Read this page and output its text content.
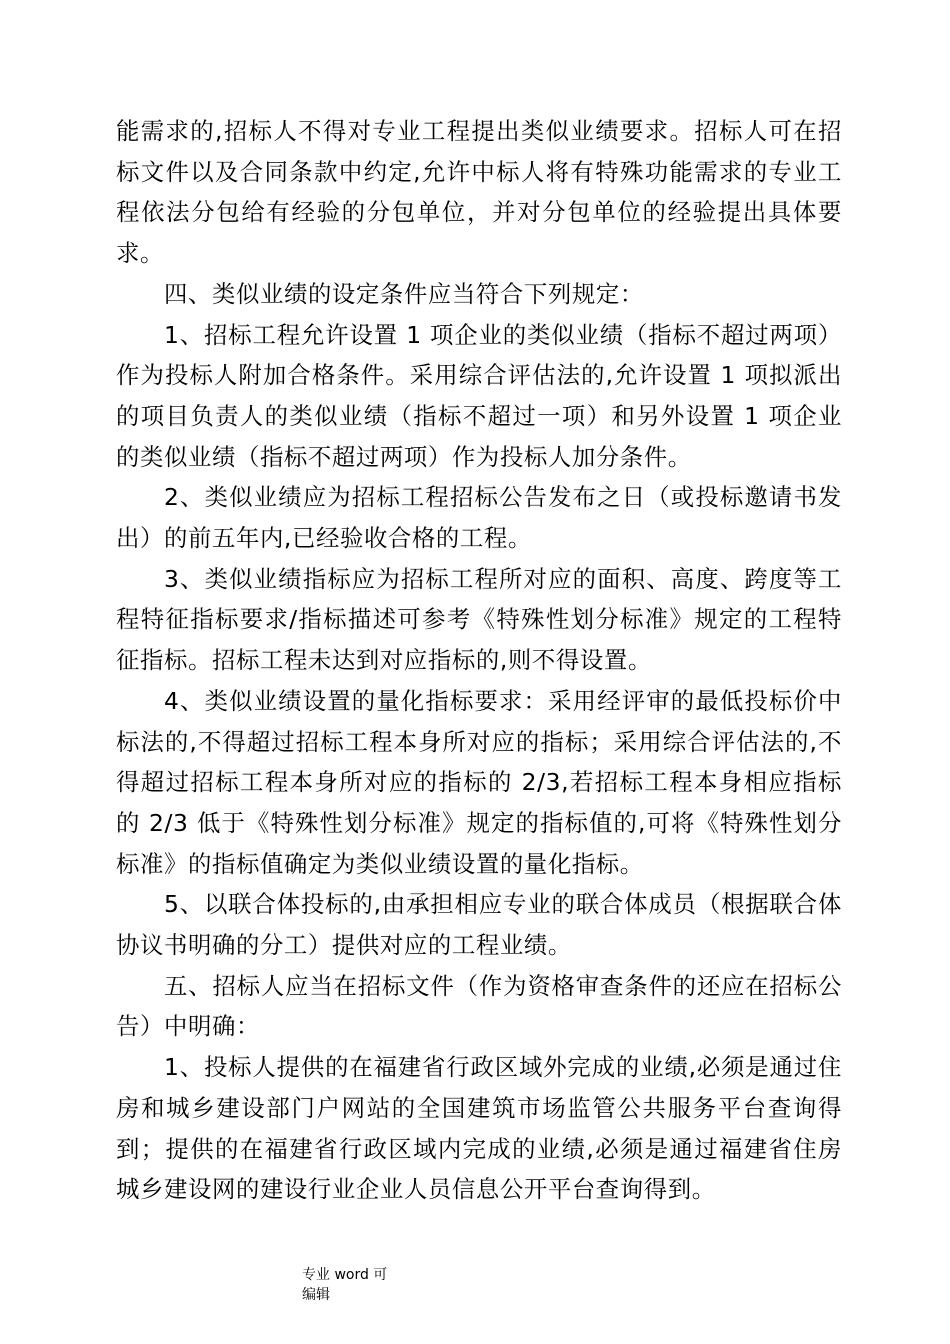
能需求的,招标人不得对专业工程提出类似业绩要求。招标人可在招标文件以及合同条款中约定,允许中标人将有特殊功能需求的专业工程依法分包给有经验的分包单位，并对分包单位的经验提出具体要求。

四、类似业绩的设定条件应当符合下列规定：

1、招标工程允许设置 1 项企业的类似业绩（指标不超过两项）作为投标人附加合格条件。采用综合评估法的,允许设置 1 项拟派出的项目负责人的类似业绩（指标不超过一项）和另外设置 1 项企业的类似业绩（指标不超过两项）作为投标人加分条件。

2、类似业绩应为招标工程招标公告发布之日（或投标邀请书发出）的前五年内,已经验收合格的工程。

3、类似业绩指标应为招标工程所对应的面积、高度、跨度等工程特征指标要求/指标描述可参考《特殊性划分标准》规定的工程特征指标。招标工程未达到对应指标的,则不得设置。

4、类似业绩设置的量化指标要求：采用经评审的最低投标价中标法的,不得超过招标工程本身所对应的指标；采用综合评估法的,不得超过招标工程本身所对应的指标的 2/3,若招标工程本身相应指标的 2/3 低于《特殊性划分标准》规定的指标值的,可将《特殊性划分标准》的指标值确定为类似业绩设置的量化指标。

5、以联合体投标的,由承担相应专业的联合体成员（根据联合体协议书明确的分工）提供对应的工程业绩。

五、招标人应当在招标文件（作为资格审查条件的还应在招标公告）中明确：

1、投标人提供的在福建省行政区域外完成的业绩,必须是通过住房和城乡建设部门户网站的全国建筑市场监管公共服务平台查询得到；提供的在福建省行政区域内完成的业绩,必须是通过福建省住房城乡建设网的建设行业企业人员信息公开平台查询得到。

专业 word 可
编辑
